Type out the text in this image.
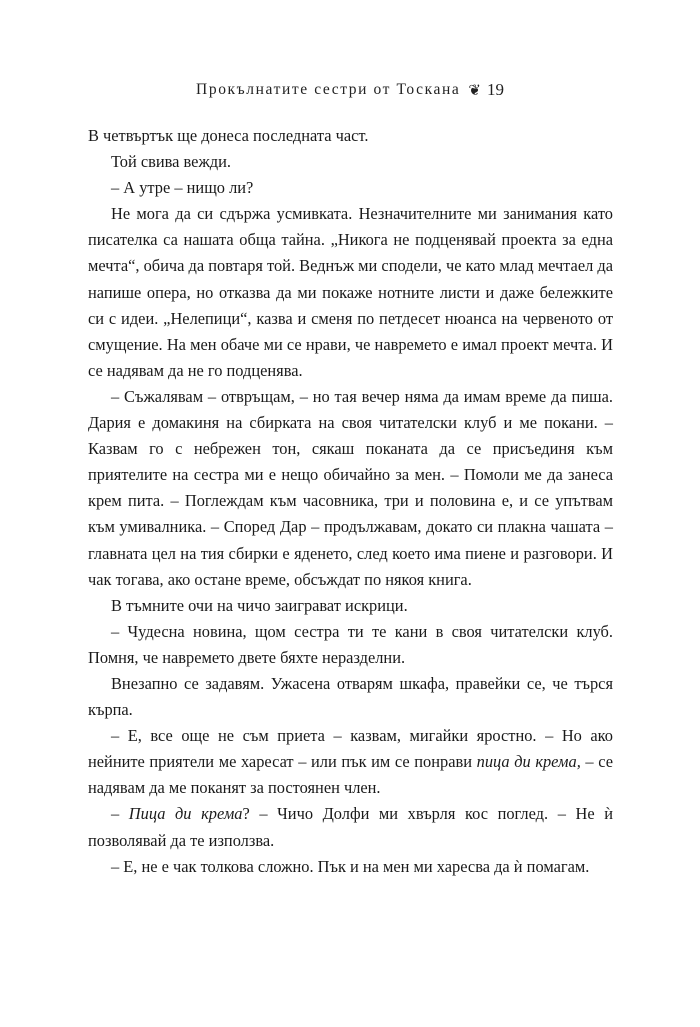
Прокълнатите сестри от Тоскана ❦ 19

В четвъртък ще донеса последната част.

Той свива вежди.

– А утре – нищо ли?

Не мога да си сдържа усмивката. Незначителните ми занимания като писателка са нашата обща тайна. „Никога не подценявай проекта за една мечта“, обича да повтаря той. Веднъж ми сподели, че като млад мечтаел да напише опера, но отказва да ми покаже нотните листи и даже бележките си с идеи. „Нелепици“, казва и сменя по петдесет нюанса на червеното от смущение. На мен обаче ми се нрави, че навремето е имал проект мечта. И се надявам да не го подценява.

– Съжалявам – отвръщам, – но тая вечер няма да имам време да пиша. Дария е домакиня на сбирката на своя читателски клуб и ме покани. – Казвам го с небрежен тон, сякаш поканата да се присъединя към приятелите на сестра ми е нещо обичайно за мен. – Помоли ме да занеса крем пита. – Поглеждам към часовника, три и половина е, и се упътвам към умивалника. – Според Дар – продължавам, докато си плакна чашата – главната цел на тия сбирки е яденето, след което има пиене и разговори. И чак тогава, ако остане време, обсъждат по някоя книга.

В тъмните очи на чичо заиграват искрици.

– Чудесна новина, щом сестра ти те кани в своя читателски клуб. Помня, че навремето двете бяхте неразделни.

Внезапно се задавям. Ужасена отварям шкафа, правейки се, че търся кърпа.

– Е, все още не съм приета – казвам, мигайки яростно. – Но ако нейните приятели ме харесат – или пък им се понрави пица ди крема, – се надявам да ме поканят за постоянен член.

– Пица ди крема? – Чичо Долфи ми хвърля кос поглед. – Не ѝ позволявай да те използва.

– Е, не е чак толкова сложно. Пък и на мен ми харесва да ѝ помагам.
